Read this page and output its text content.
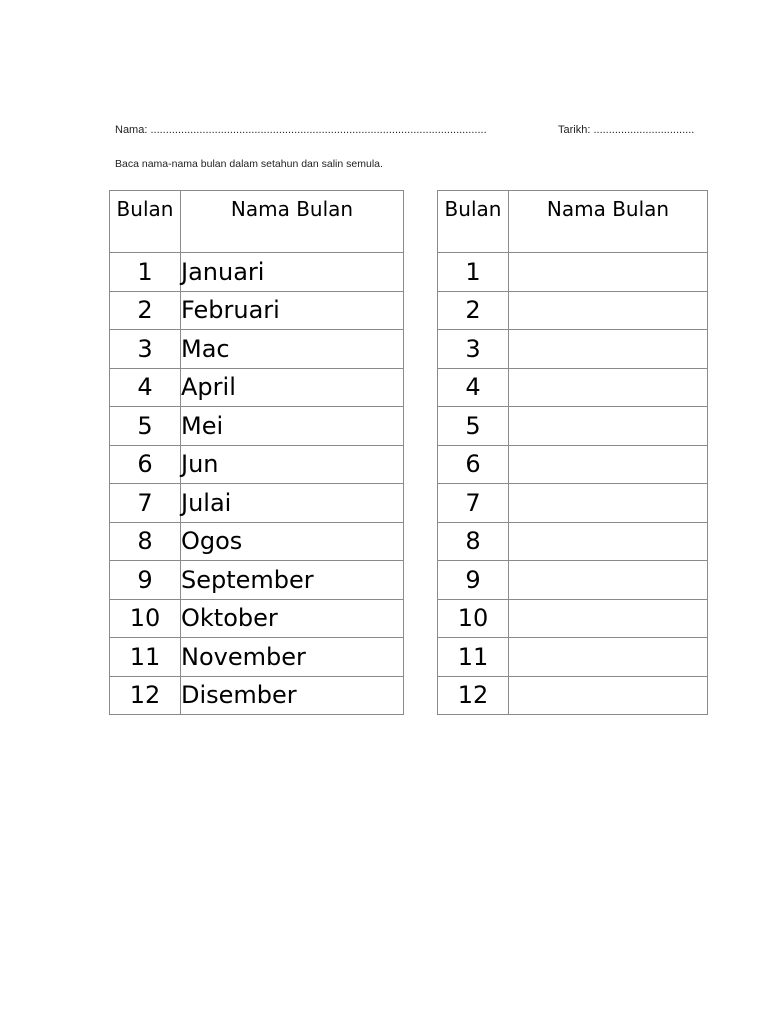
Nama: ..............................................................................................................	Tarikh: .................................
Baca nama-nama bulan dalam setahun dan salin semula.
Bulan	Nama Bulan
1	Januari
2	Februari
3	Mac
4	April
5	Mei
6	Jun
7	Julai
8	Ogos
9	September
10	Oktober
11	November
12	Disember
Bulan	Nama Bulan
1	
2	
3	
4	
5	
6	
7	
8	
9	
10	
11	
12	
